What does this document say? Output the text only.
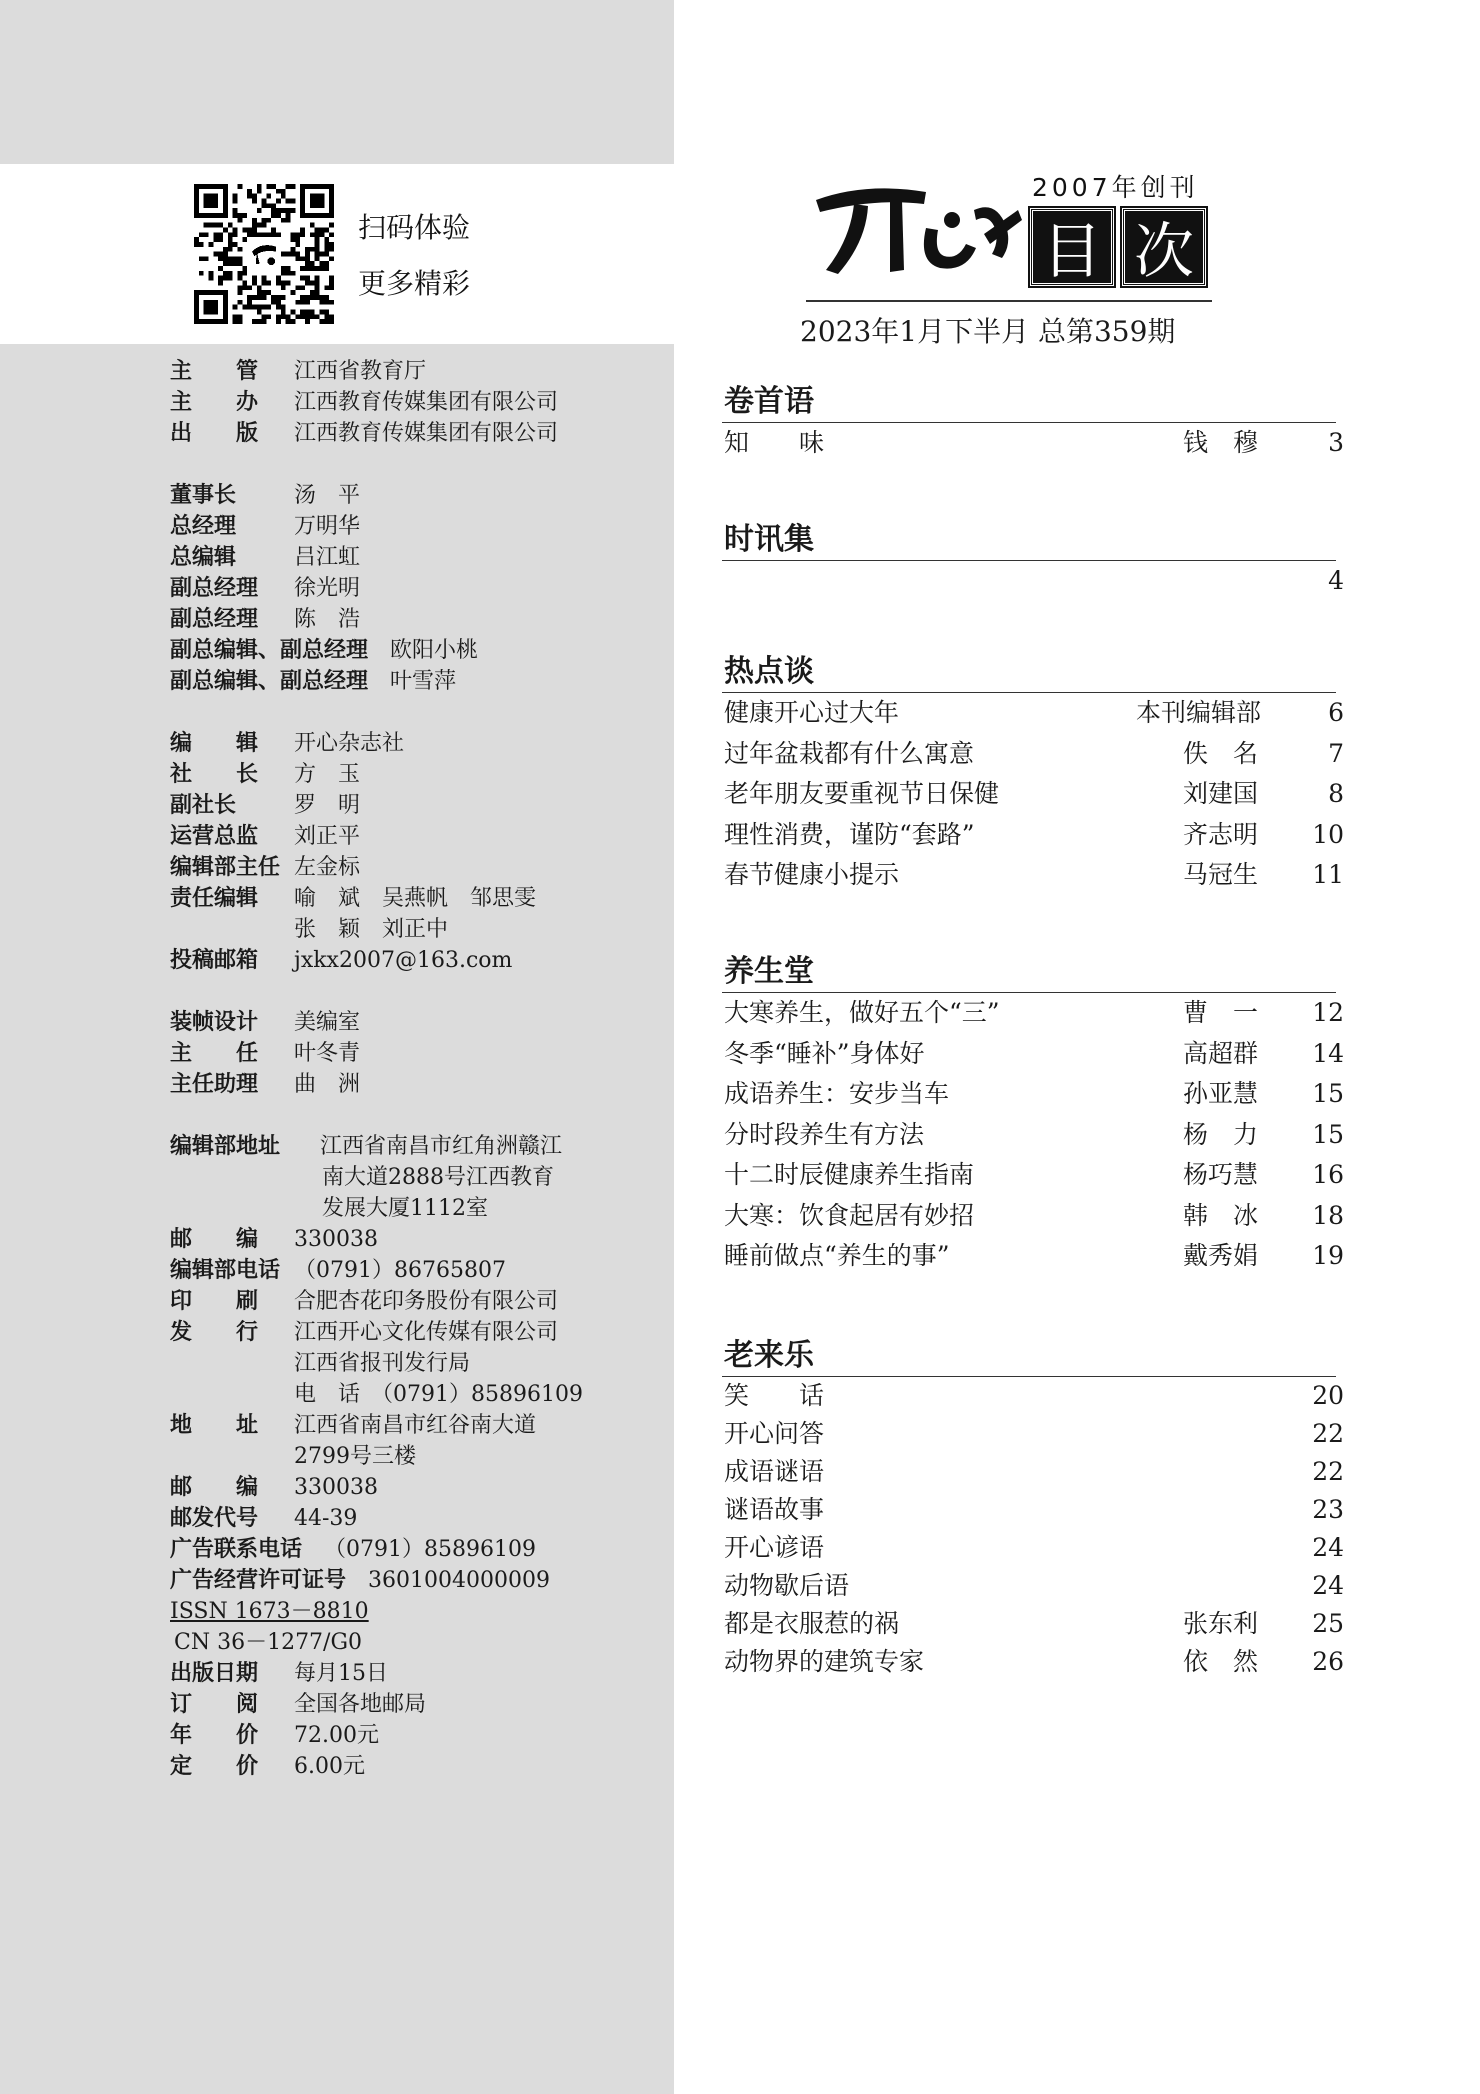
扫码体验
更多精彩
主　　管 江西省教育厅
主　　办 江西教育传媒集团有限公司
出　　版 江西教育传媒集团有限公司
董事长	汤　平
总经理	万明华
总编辑	吕江虹
副总经理 徐光明
副总经理 陈　浩
副总编辑、副总经理 欧阳小桃
副总编辑、副总经理 叶雪萍
编　　辑 开心杂志社
社　　长 方　玉
副社长	罗　明
运营总监 刘正平
编辑部主任 左金标
责任编辑 喻　斌　吴燕帆　邹思雯
张　颖　刘正中
投稿邮箱 jxkx2007@163.com
装帧设计 美编室
主　　任 叶冬青
主任助理 曲　洲
编辑部地址 江西省南昌市红角洲赣江
南大道2888号江西教育
发展大厦1112室
邮　　编 330038
编辑部电话 （0791）86765807
印　　刷 合肥杏花印务股份有限公司
发　　行 江西开心文化传媒有限公司
江西省报刊发行局
电　话　（0791）85896109
地　　址 江西省南昌市红谷南大道
2799号三楼
邮　　编 330038
邮发代号 44-39
广告联系电话 （0791）85896109
广告经营许可证号 3601004000009
ISSN 1673－8810
CN 36－1277/G0
出版日期 每月15日
订　　阅 全国各地邮局
年　　价 72.00元
定　　价 6.00元
2007年创刊
目 次
2023年1月下半月 总第359期
卷首语
知　　味	钱　穆	3
时讯集
4
热点谈
健康开心过大年	本刊编辑部	6
过年盆栽都有什么寓意	佚　名	7
老年朋友要重视节日保健	刘建国	8
理性消费，谨防“套路”	齐志明	10
春节健康小提示	马冠生	11
养生堂
大寒养生，做好五个“三”	曹　一	12
冬季“睡补”身体好	高超群	14
成语养生：安步当车	孙亚慧	15
分时段养生有方法	杨　力	15
十二时辰健康养生指南	杨巧慧	16
大寒：饮食起居有妙招	韩　冰	18
睡前做点“养生的事”	戴秀娟	19
老来乐
笑　　话	20
开心问答	22
成语谜语	22
谜语故事	23
开心谚语	24
动物歇后语	24
都是衣服惹的祸	张东利	25
动物界的建筑专家	依　然	26
